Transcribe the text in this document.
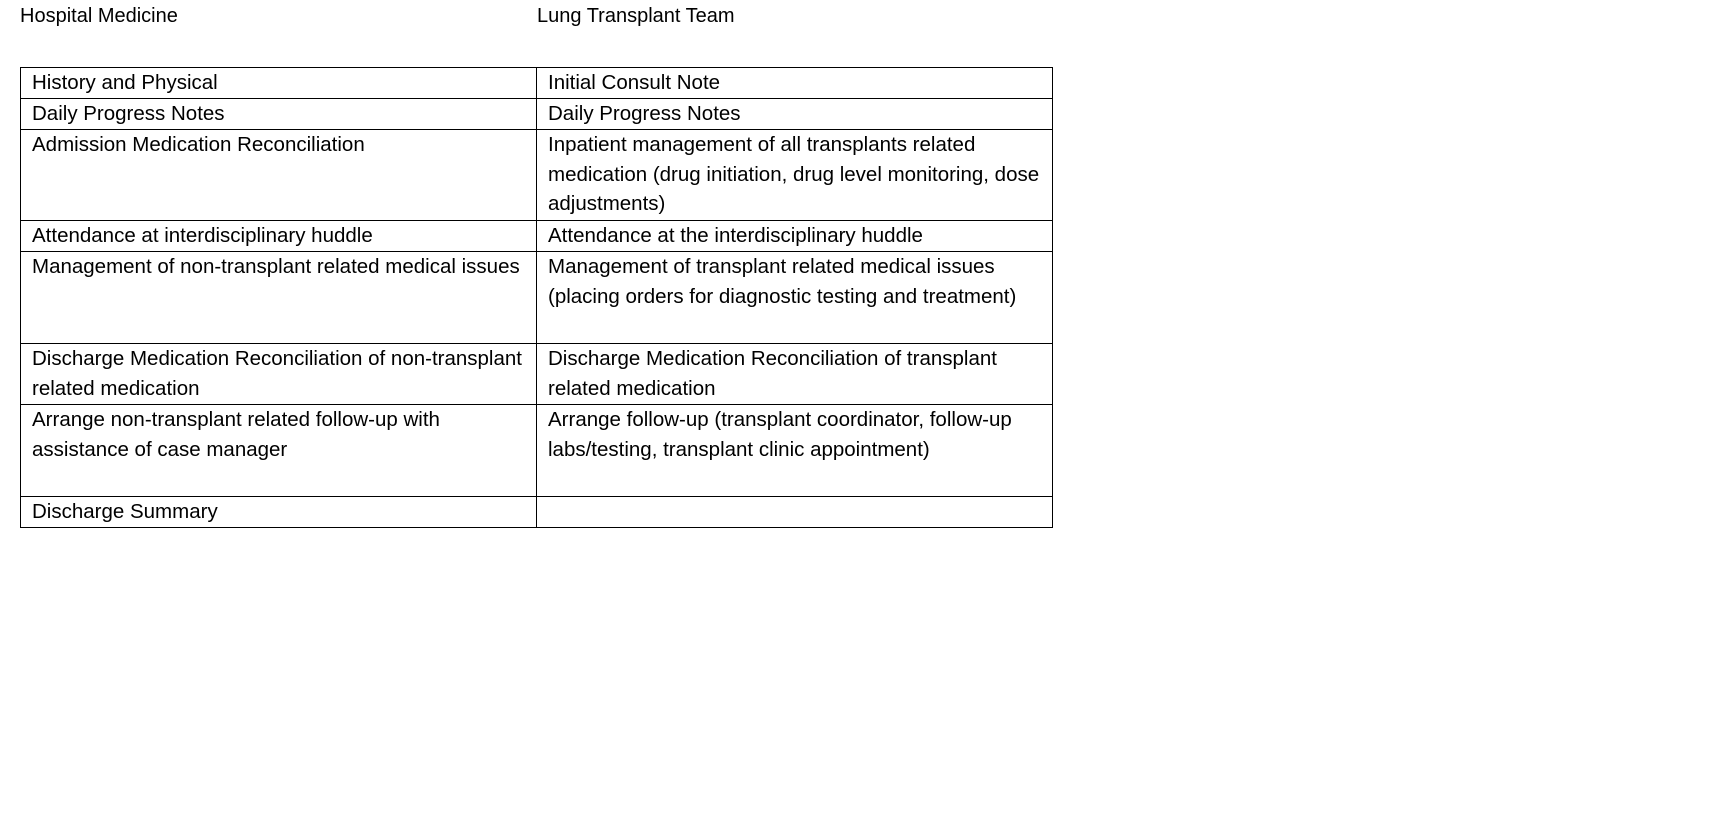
Hospital Medicine	Lung Transplant Team
History and Physical	Initial Consult Note
Daily Progress Notes	Daily Progress Notes
Admission Medication Reconciliation	Inpatient management of all transplants related medication (drug initiation, drug level monitoring, dose adjustments)
Attendance at interdisciplinary huddle	Attendance at the interdisciplinary huddle
Management of non-transplant related medical issues	Management of transplant related medical issues (placing orders for diagnostic testing and treatment)
Discharge Medication Reconciliation of non-transplant related medication	Discharge Medication Reconciliation of transplant related medication
Arrange non-transplant related follow-up with assistance of case manager	Arrange follow-up (transplant coordinator, follow-up labs/testing, transplant clinic appointment)
Discharge Summary	
